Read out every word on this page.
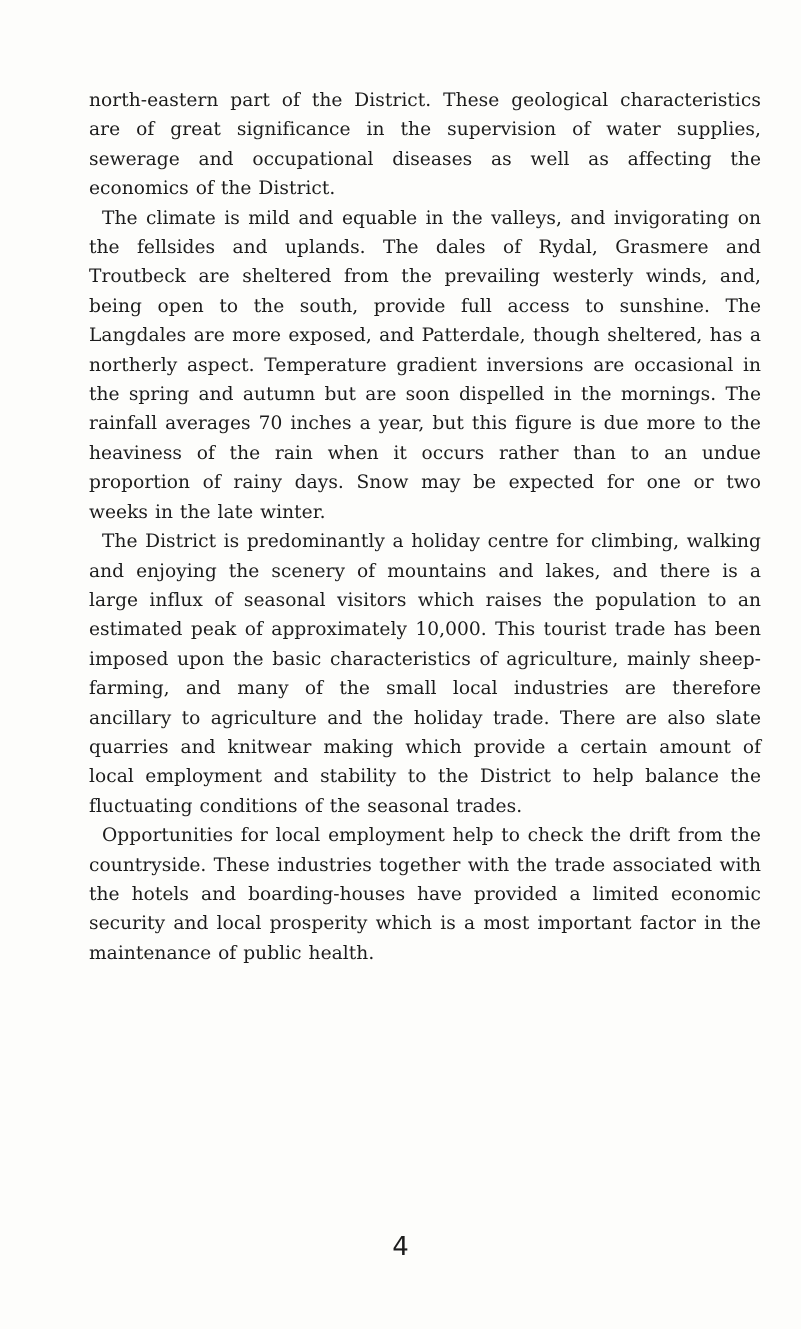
north-eastern part of the District. These geological characteristics are of great significance in the supervision of water supplies, sewerage and occupational diseases as well as affecting the economics of the District.

The climate is mild and equable in the valleys, and invigorating on the fellsides and uplands. The dales of Rydal, Grasmere and Troutbeck are sheltered from the prevailing westerly winds, and, being open to the south, provide full access to sunshine. The Langdales are more exposed, and Patterdale, though sheltered, has a northerly aspect. Temperature gradient inversions are occasional in the spring and autumn but are soon dispelled in the mornings. The rainfall averages 70 inches a year, but this figure is due more to the heaviness of the rain when it occurs rather than to an undue proportion of rainy days. Snow may be expected for one or two weeks in the late winter.

The District is predominantly a holiday centre for climbing, walking and enjoying the scenery of mountains and lakes, and there is a large influx of seasonal visitors which raises the population to an estimated peak of approximately 10,000. This tourist trade has been imposed upon the basic characteristics of agriculture, mainly sheep-farming, and many of the small local industries are therefore ancillary to agriculture and the holiday trade. There are also slate quarries and knitwear making which provide a certain amount of local employment and stability to the District to help balance the fluctuating conditions of the seasonal trades.

Opportunities for local employment help to check the drift from the countryside. These industries together with the trade associated with the hotels and boarding-houses have provided a limited economic security and local prosperity which is a most important factor in the maintenance of public health.

4
